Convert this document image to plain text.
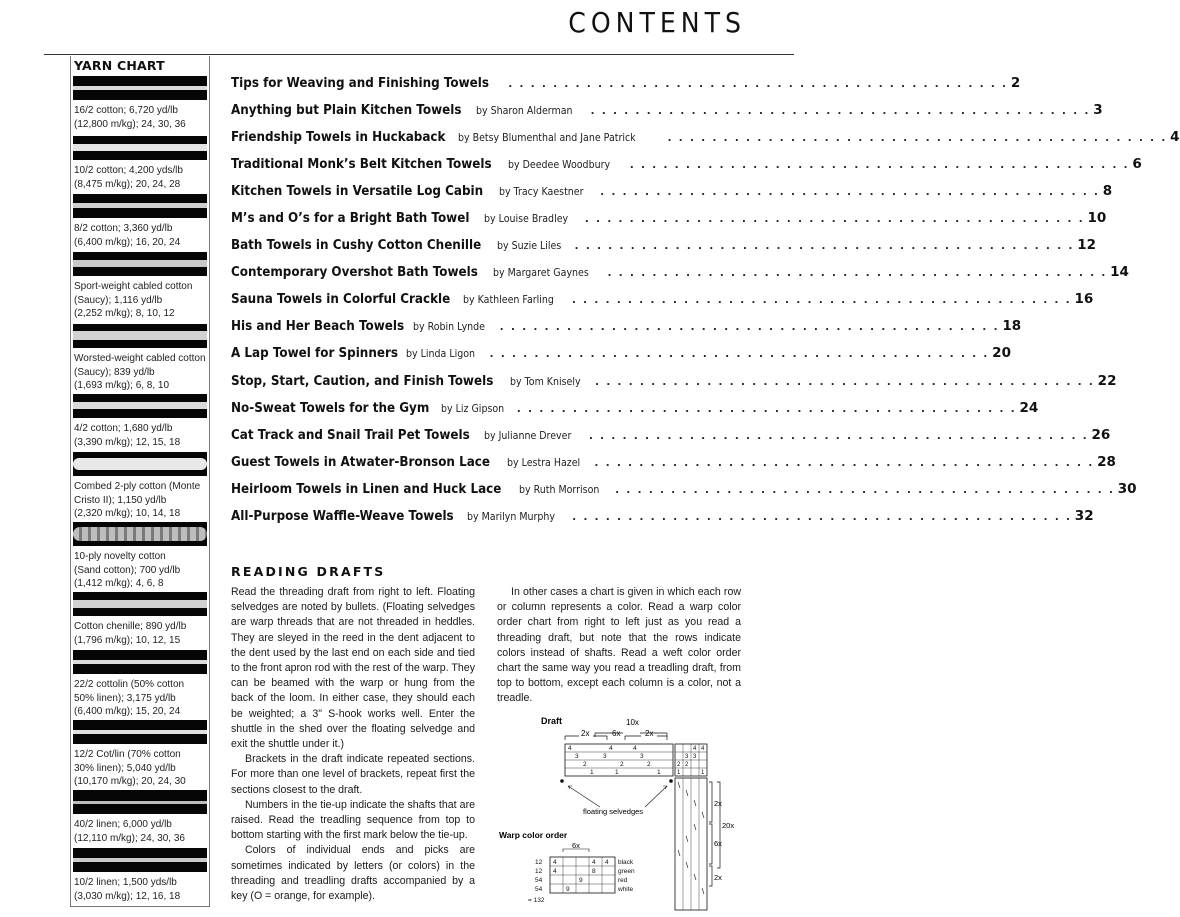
CONTENTS
YARN CHART
16/2 cotton; 6,720 yd/lb
(12,800 m/kg); 24, 30, 36
10/2 cotton; 4,200 yds/lb
(8,475 m/kg); 20, 24, 28
8/2 cotton; 3,360 yd/lb
(6,400 m/kg); 16, 20, 24
Sport-weight cabled cotton
(Saucy); 1,116 yd/lb
(2,252 m/kg); 8, 10, 12
Worsted-weight cabled cotton
(Saucy); 839 yd/lb
(1,693 m/kg); 6, 8, 10
4/2 cotton; 1,680 yd/lb
(3,390 m/kg); 12, 15, 18
Combed 2-ply cotton (Monte
Cristo II); 1,150 yd/lb
(2,320 m/kg); 10, 14, 18
10-ply novelty cotton
(Sand cotton); 700 yd/lb
(1,412 m/kg); 4, 6, 8
Cotton chenille; 890 yd/lb
(1,796 m/kg); 10, 12, 15
22/2 cottolin (50% cotton
50% linen); 3,175 yd/lb
(6,400 m/kg); 15, 20, 24
12/2 Cot/lin (70% cotton
30% linen); 5,040 yd/lb
(10,170 m/kg); 20, 24, 30
40/2 linen; 6,000 yd/lb
(12,110 m/kg); 24, 30, 36
10/2 linen; 1,500 yds/lb
(3,030 m/kg); 12, 16, 18
Tips for Weaving and Finishing Towels . . . . . . . . . . . . . . . . . . . . . . . . . . . . . . . . . . . . . . . . . . . . . 2
Anything but Plain Kitchen Towels by Sharon Alderman . . . . . . . . . . . . . . . . . . . . . . . . . . . . . . . . . . . . . . . . . . . . . 3
Friendship Towels in Huckaback by Betsy Blumenthal and Jane Patrick . . . . . . . . . . . . . . . . . . . . . . . . . . . . . . . . . . . . . . . . . . . . . 4
Traditional Monk’s Belt Kitchen Towels by Deedee Woodbury . . . . . . . . . . . . . . . . . . . . . . . . . . . . . . . . . . . . . . . . . . . . . 6
Kitchen Towels in Versatile Log Cabin by Tracy Kaestner . . . . . . . . . . . . . . . . . . . . . . . . . . . . . . . . . . . . . . . . . . . . . 8
M’s and O’s for a Bright Bath Towel by Louise Bradley . . . . . . . . . . . . . . . . . . . . . . . . . . . . . . . . . . . . . . . . . . . . . 10
Bath Towels in Cushy Cotton Chenille by Suzie Liles . . . . . . . . . . . . . . . . . . . . . . . . . . . . . . . . . . . . . . . . . . . . . 12
Contemporary Overshot Bath Towels by Margaret Gaynes . . . . . . . . . . . . . . . . . . . . . . . . . . . . . . . . . . . . . . . . . . . . . 14
Sauna Towels in Colorful Crackle by Kathleen Farling . . . . . . . . . . . . . . . . . . . . . . . . . . . . . . . . . . . . . . . . . . . . . 16
His and Her Beach Towels by Robin Lynde . . . . . . . . . . . . . . . . . . . . . . . . . . . . . . . . . . . . . . . . . . . . . 18
A Lap Towel for Spinners by Linda Ligon . . . . . . . . . . . . . . . . . . . . . . . . . . . . . . . . . . . . . . . . . . . . . 20
Stop, Start, Caution, and Finish Towels by Tom Knisely . . . . . . . . . . . . . . . . . . . . . . . . . . . . . . . . . . . . . . . . . . . . . 22
No-Sweat Towels for the Gym by Liz Gipson . . . . . . . . . . . . . . . . . . . . . . . . . . . . . . . . . . . . . . . . . . . . . 24
Cat Track and Snail Trail Pet Towels by Julianne Drever . . . . . . . . . . . . . . . . . . . . . . . . . . . . . . . . . . . . . . . . . . . . . 26
Guest Towels in Atwater-Bronson Lace by Lestra Hazel . . . . . . . . . . . . . . . . . . . . . . . . . . . . . . . . . . . . . . . . . . . . . 28
Heirloom Towels in Linen and Huck Lace by Ruth Morrison . . . . . . . . . . . . . . . . . . . . . . . . . . . . . . . . . . . . . . . . . . . . . 30
All-Purpose Waffle-Weave Towels by Marilyn Murphy . . . . . . . . . . . . . . . . . . . . . . . . . . . . . . . . . . . . . . . . . . . . . 32
READING DRAFTS

Read the threading draft from right to left. Floating selvedges are noted by bullets. (Floating selvedges are warp threads that are not threaded in heddles. They are sleyed in the reed in the dent adjacent to the dent used by the last end on each side and tied to the front apron rod with the rest of the warp. They can be beamed with the warp or hung from the back of the loom. In either case, they should each be weighted; a 3" S-hook works well. Enter the shuttle in the shed over the floating selvedge and exit the shuttle under it.)

Brackets in the draft indicate repeated sections. For more than one level of brackets, repeat first the sections closest to the draft.

Numbers in the tie-up indicate the shafts that are raised. Read the treadling sequence from top to bottom starting with the first mark below the tie-up.

Colors of individual ends and picks are sometimes indicated by letters (or colors) in the threading and treadling drafts accompanied by a key (O = orange, for example).

In other cases a chart is given in which each row or column represents a color. Read a warp color order chart from right to left just as you read a threading draft, but note that the rows indicate colors instead of shafts. Read a weft color order chart the same way you read a treadling draft, from top to bottom, except each column is a color, not a treadle.

Draft	10x
2x	6x	2x
4	4	4
3	3	3
2	2	2
1	1	1
4 4
3 3
2 2
1	1
2x
20x
6x
2x
floating selvedges
Warp color order
6x
12 4	4 4 black
12 4	8	green
54	9	red
54	9	white
= 132
